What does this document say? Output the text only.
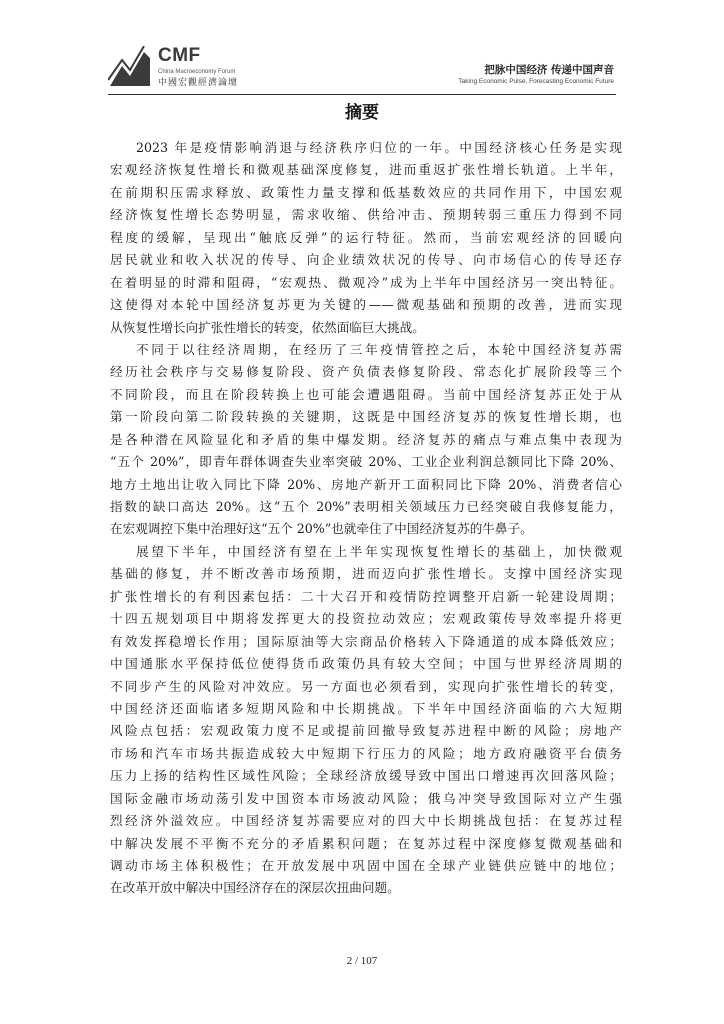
CMF
China Macroeconomy Forum
中國宏觀經濟論壇
把脉中国经济 传递中国声音
Taking Economic Pulse, Forecasting Economic Future
摘要
2023 年是疫情影响消退与经济秩序归位的一年。中国经济核心任务是实现
宏观经济恢复性增长和微观基础深度修复，进而重返扩张性增长轨道。上半年，
在前期积压需求释放、政策性力量支撑和低基数效应的共同作用下，中国宏观
经济恢复性增长态势明显，需求收缩、供给冲击、预期转弱三重压力得到不同
程度的缓解，呈现出“触底反弹”的运行特征。然而，当前宏观经济的回暖向
居民就业和收入状况的传导、向企业绩效状况的传导、向市场信心的传导还存
在着明显的时滞和阻碍，“宏观热、微观冷”成为上半年中国经济另一突出特征。
这使得对本轮中国经济复苏更为关键的——微观基础和预期的改善，进而实现
从恢复性增长向扩张性增长的转变，依然面临巨大挑战。
不同于以往经济周期，在经历了三年疫情管控之后，本轮中国经济复苏需
经历社会秩序与交易修复阶段、资产负债表修复阶段、常态化扩展阶段等三个
不同阶段，而且在阶段转换上也可能会遭遇阻碍。当前中国经济复苏正处于从
第一阶段向第二阶段转换的关键期，这既是中国经济复苏的恢复性增长期，也
是各种潜在风险显化和矛盾的集中爆发期。经济复苏的痛点与难点集中表现为
“五个 20%”，即青年群体调查失业率突破 20%、工业企业利润总额同比下降 20%、
地方土地出让收入同比下降 20%、房地产新开工面积同比下降 20%、消费者信心
指数的缺口高达 20%。这“五个 20%”表明相关领域压力已经突破自我修复能力，
在宏观调控下集中治理好这“五个 20%”也就牵住了中国经济复苏的牛鼻子。
展望下半年，中国经济有望在上半年实现恢复性增长的基础上，加快微观
基础的修复，并不断改善市场预期，进而迈向扩张性增长。支撑中国经济实现
扩张性增长的有利因素包括：二十大召开和疫情防控调整开启新一轮建设周期；
十四五规划项目中期将发挥更大的投资拉动效应；宏观政策传导效率提升将更
有效发挥稳增长作用；国际原油等大宗商品价格转入下降通道的成本降低效应；
中国通胀水平保持低位使得货币政策仍具有较大空间；中国与世界经济周期的
不同步产生的风险对冲效应。另一方面也必须看到，实现向扩张性增长的转变，
中国经济还面临诸多短期风险和中长期挑战。下半年中国经济面临的六大短期
风险点包括：宏观政策力度不足或提前回撤导致复苏进程中断的风险；房地产
市场和汽车市场共振造成较大中短期下行压力的风险；地方政府融资平台债务
压力上扬的结构性区域性风险；全球经济放缓导致中国出口增速再次回落风险；
国际金融市场动荡引发中国资本市场波动风险；俄乌冲突导致国际对立产生强
烈经济外溢效应。中国经济复苏需要应对的四大中长期挑战包括：在复苏过程
中解决发展不平衡不充分的矛盾累积问题；在复苏过程中深度修复微观基础和
调动市场主体积极性；在开放发展中巩固中国在全球产业链供应链中的地位；
在改革开放中解决中国经济存在的深层次扭曲问题。
2 / 107
